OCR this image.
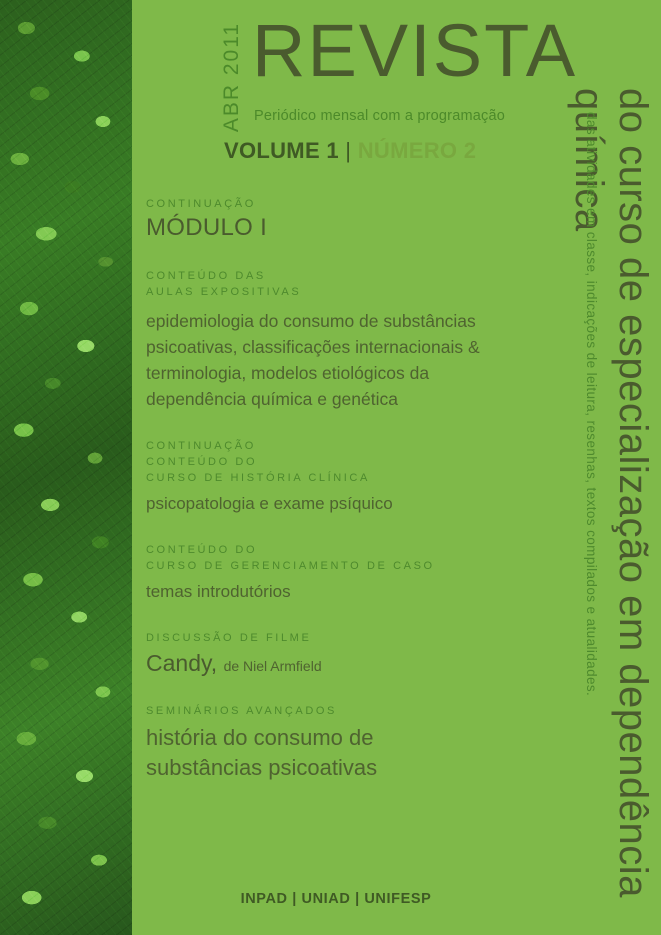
ABR 2011 REVISTA
Periódico mensal com a programação
VOLUME 1 | NÚMERO 2	do curso de especialização em dependência química
das atividades em classe, indicações de leitura, resenhas, textos compilados e atualidades.
CONTINUAÇÃO
MÓDULO I
CONTEÚDO DAS
AULAS EXPOSITIVAS
epidemiologia do consumo de substâncias
psicoativas, classificações internacionais &
terminologia, modelos etiológicos da
dependência química e genética
CONTINUAÇÃO
CONTEÚDO DO
CURSO DE HISTÓRIA CLÍNICA
psicopatologia e exame psíquico
CONTEÚDO DO
CURSO DE GERENCIAMENTO DE CASO
temas introdutórios
DISCUSSÃO DE FILME
Candy, de Niel Armfield
SEMINÁRIOS AVANÇADOS
história do consumo de
substâncias psicoativas
INPAD | UNIAD | UNIFESP
